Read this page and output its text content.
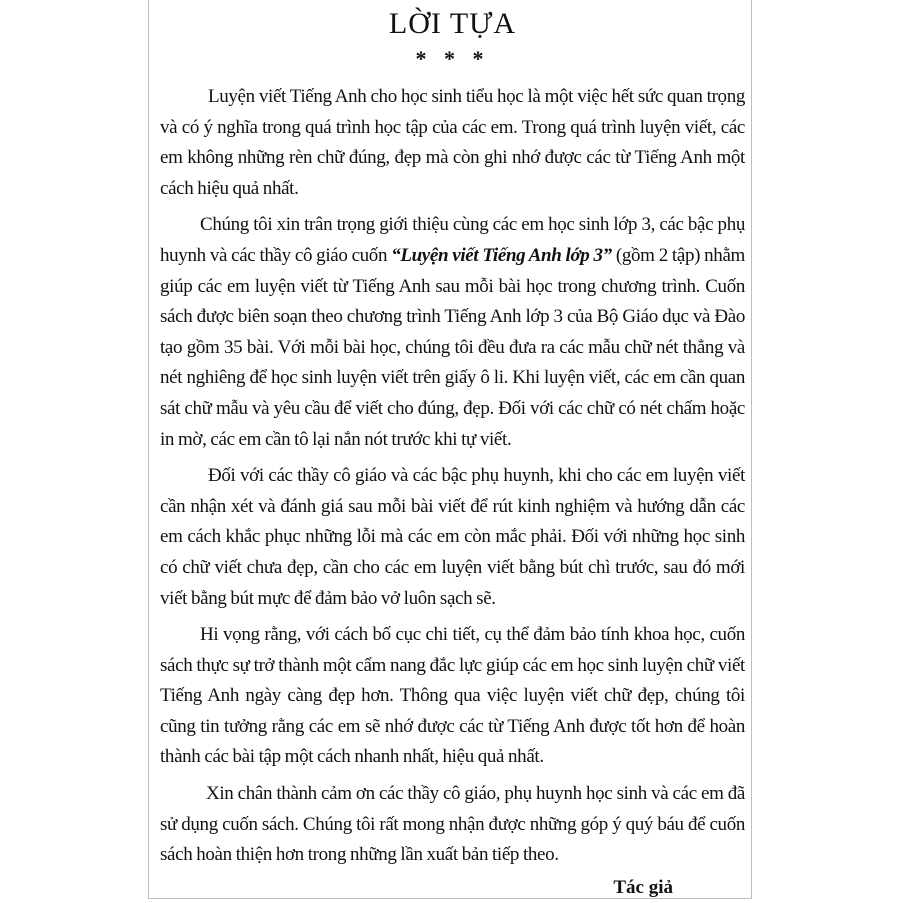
LỜI TỰA
* * *

Luyện viết Tiếng Anh cho học sinh tiểu học là một việc hết sức quan trọng và có ý nghĩa trong quá trình học tập của các em. Trong quá trình luyện viết, các em không những rèn chữ đúng, đẹp mà còn ghi nhớ được các từ Tiếng Anh một cách hiệu quả nhất.

Chúng tôi xin trân trọng giới thiệu cùng các em học sinh lớp 3, các bậc phụ huynh và các thầy cô giáo cuốn “Luyện viết Tiếng Anh lớp 3” (gồm 2 tập) nhằm giúp các em luyện viết từ Tiếng Anh sau mỗi bài học trong chương trình. Cuốn sách được biên soạn theo chương trình Tiếng Anh lớp 3 của Bộ Giáo dục và Đào tạo gồm 35 bài. Với mỗi bài học, chúng tôi đều đưa ra các mẫu chữ nét thẳng và nét nghiêng để học sinh luyện viết trên giấy ô li. Khi luyện viết, các em cần quan sát chữ mẫu và yêu cầu để viết cho đúng, đẹp. Đối với các chữ có nét chấm hoặc in mờ, các em cần tô lại nắn nót trước khi tự viết.

Đối với các thầy cô giáo và các bậc phụ huynh, khi cho các em luyện viết cần nhận xét và đánh giá sau mỗi bài viết để rút kinh nghiệm và hướng dẫn các em cách khắc phục những lỗi mà các em còn mắc phải. Đối với những học sinh có chữ viết chưa đẹp, cần cho các em luyện viết bằng bút chì trước, sau đó mới viết bằng bút mực để đảm bảo vở luôn sạch sẽ.

Hi vọng rằng, với cách bố cục chi tiết, cụ thể đảm bảo tính khoa học, cuốn sách thực sự trở thành một cẩm nang đắc lực giúp các em học sinh luyện chữ viết Tiếng Anh ngày càng đẹp hơn. Thông qua việc luyện viết chữ đẹp, chúng tôi cũng tin tưởng rằng các em sẽ nhớ được các từ Tiếng Anh được tốt hơn để hoàn thành các bài tập một cách nhanh nhất, hiệu quả nhất.

Xin chân thành cảm ơn các thầy cô giáo, phụ huynh học sinh và các em đã sử dụng cuốn sách. Chúng tôi rất mong nhận được những góp ý quý báu để cuốn sách hoàn thiện hơn trong những lần xuất bản tiếp theo.

Tác giả
